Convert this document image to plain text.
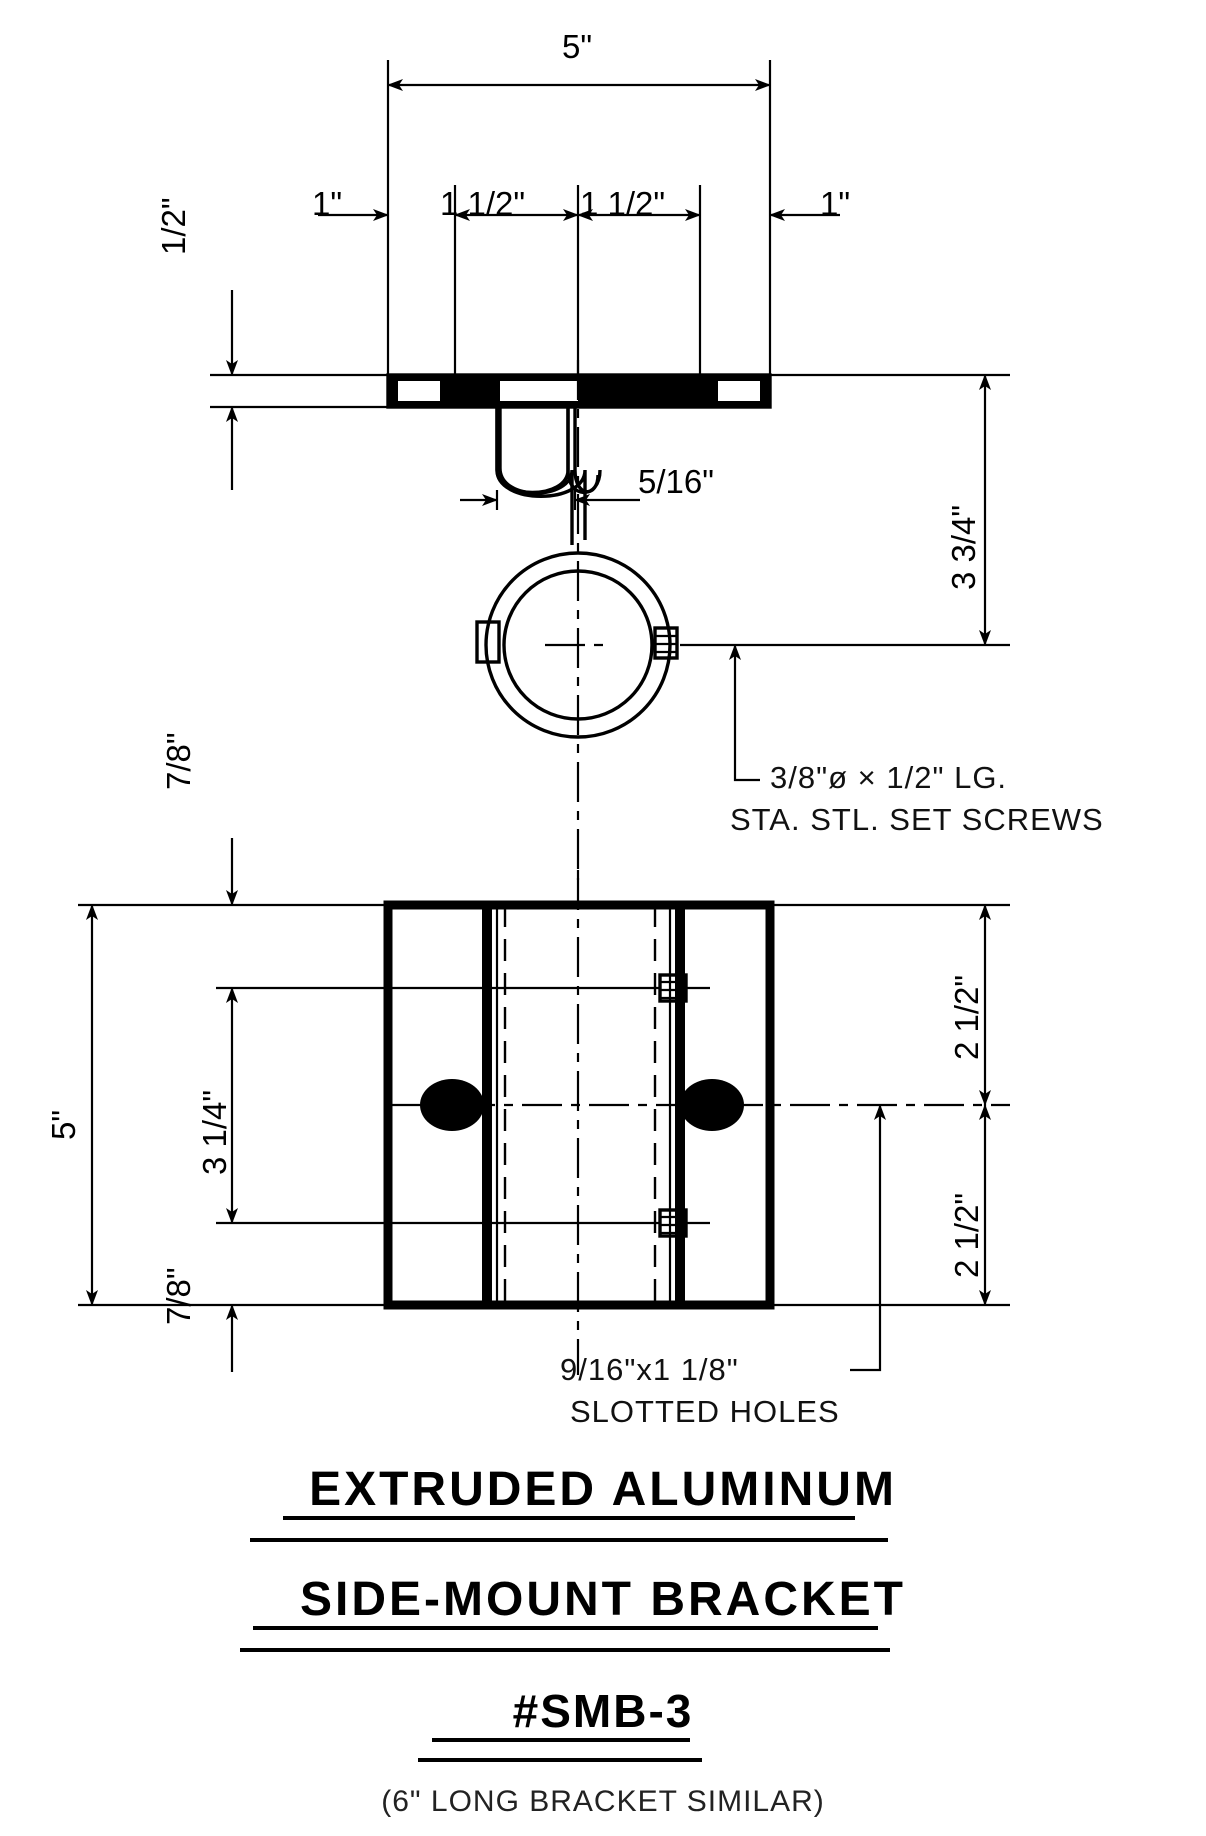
5"
1"	1 1/2" 1 1/2"	1"
1/2"
5/16"
3 3/4"
3/8"ø × 1/2" LG.
STA. STL. SET SCREWS
7/8"
7/8"
5"	3 1/4"
2 1/2"
2 1/2"
9/16"x1 1/8"
SLOTTED HOLES
EXTRUDED ALUMINUM
SIDE-MOUNT BRACKET
#SMB-3
(6" LONG BRACKET SIMILAR)
